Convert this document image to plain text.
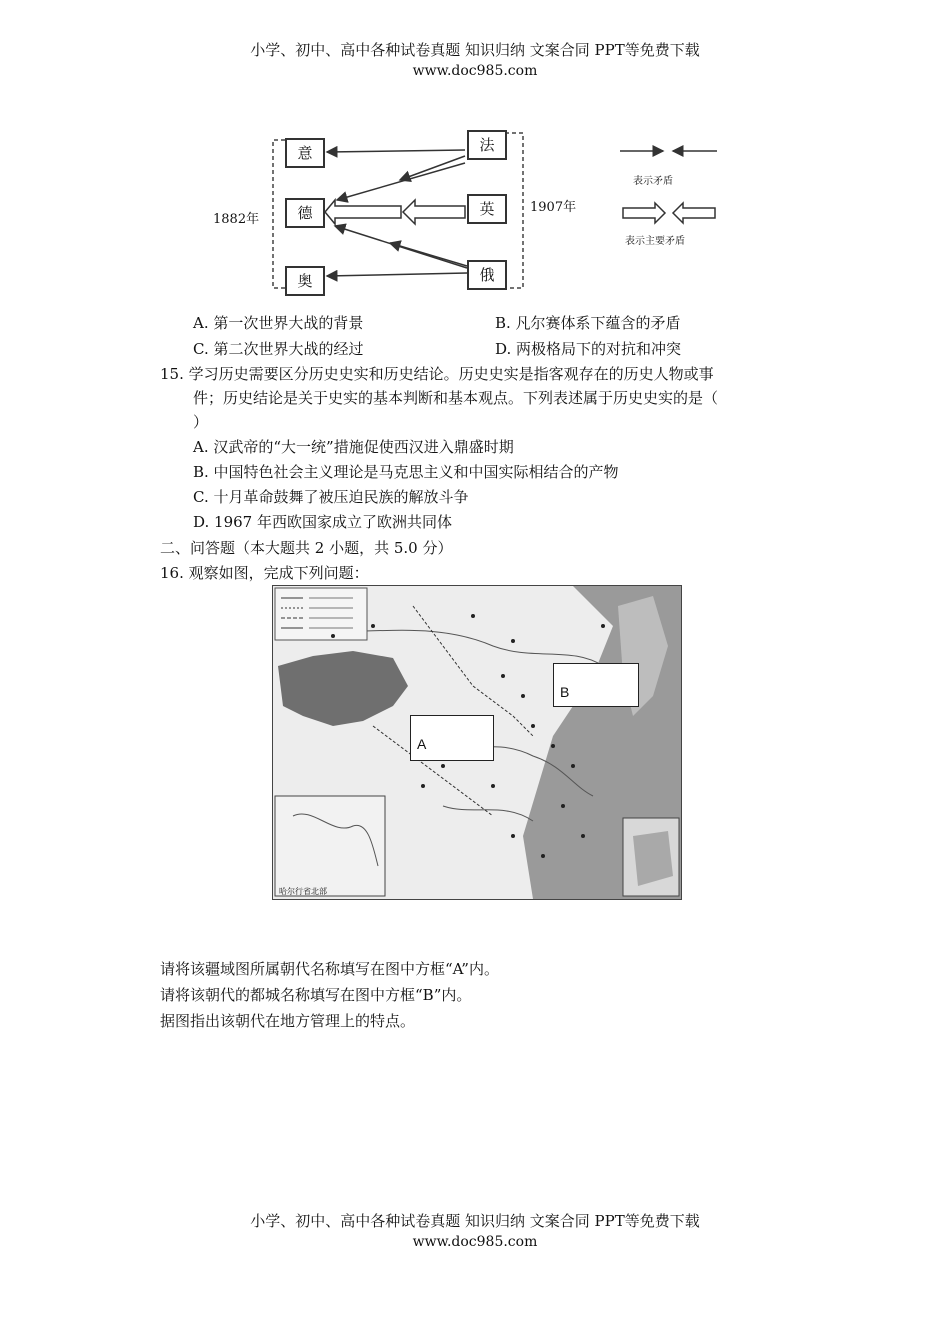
小学、初中、高中各种试卷真题 知识归纳 文案合同 PPT等免费下载
www.doc985.com
意
德
奥
法
英
俄
1882年
1907年
表示矛盾
表示主要矛盾
A. 第一次世界大战的背景	B. 凡尔赛体系下蕴含的矛盾
C. 第二次世界大战的经过	D. 两极格局下的对抗和冲突
15. 学习历史需要区分历史史实和历史结论。历史史实是指客观存在的历史人物或事
件；历史结论是关于史实的基本判断和基本观点。下列表述属于历史史实的是（
）
A. 汉武帝的“大一统”措施促使西汉进入鼎盛时期
B. 中国特色社会主义理论是马克思主义和中国实际相结合的产物
C. 十月革命鼓舞了被压迫民族的解放斗争
D. 1967 年西欧国家成立了欧洲共同体
二、问答题（本大题共 2 小题，共 5.0 分）
16. 观察如图，完成下列问题：
A
B
哈尔行省北部
请将该疆域图所属朝代名称填写在图中方框“A”内。
请将该朝代的都城名称填写在图中方框“B”内。
据图指出该朝代在地方管理上的特点。
小学、初中、高中各种试卷真题 知识归纳 文案合同 PPT等免费下载
www.doc985.com
